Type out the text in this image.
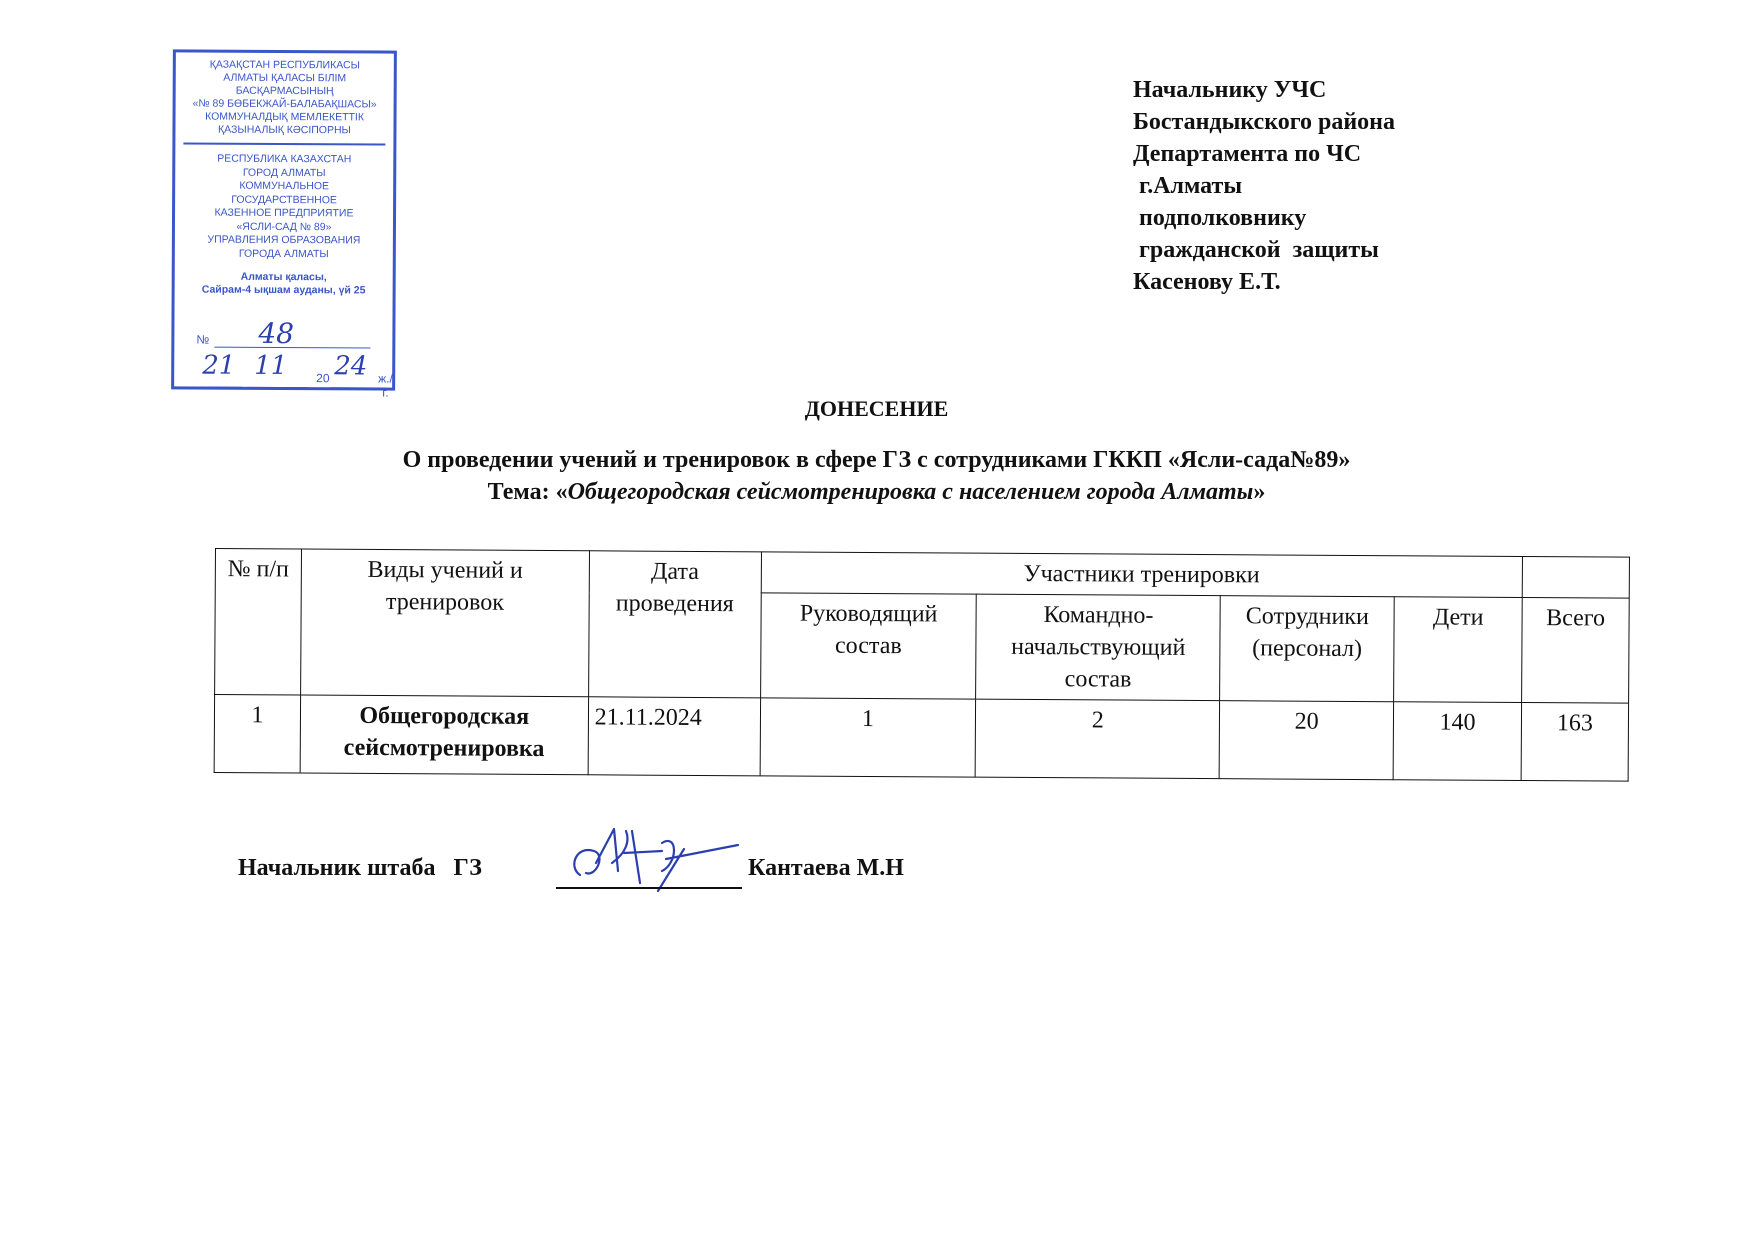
ҚАЗАҚСТАН РЕСПУБЛИКАСЫ
АЛМАТЫ ҚАЛАСЫ БІЛІМ
БАСҚАРМАСЫНЫҢ
«№ 89 БӨБЕКЖАЙ-БАЛАБАҚШАСЫ»
КОММУНАЛДЫҚ МЕМЛЕКЕТТІК
ҚАЗЫНАЛЫҚ КӘСІПОРНЫ
РЕСПУБЛИКА КАЗАХСТАН
ГОРОД АЛМАТЫ
КОММУНАЛЬНОЕ
ГОСУДАРСТВЕННОЕ
КАЗЕННОЕ ПРЕДПРИЯТИЕ
«ЯСЛИ-САД № 89»
УПРАВЛЕНИЯ ОБРАЗОВАНИЯ
ГОРОДА АЛМАТЫ
Алматы қаласы,
Сайрам-4 ықшам ауданы, үй 25
№ 48
21 11 20 24 ж./г.
Начальнику УЧС
Бостандыкского района
Департамента по ЧС
г.Алматы
подполковнику
гражданской  защиты
Касенову Е.Т.
ДОНЕСЕНИЕ
О проведении учений и тренировок в сфере ГЗ с сотрудниками ГККП «Ясли-сада№89»
Тема: «Общегородская сейсмотренировка с населением города Алматы»
№ п/п	Виды учений и тренировок	Дата проведения	Участники тренировки				
			Руководящий состав	Командно-начальствующий состав	Сотрудники (персонал)	Дети	Всего
1	Общегородская сейсмотренировка	21.11.2024	1	2	20	140	163
Начальник штаба   ГЗ	Кантаева М.Н
